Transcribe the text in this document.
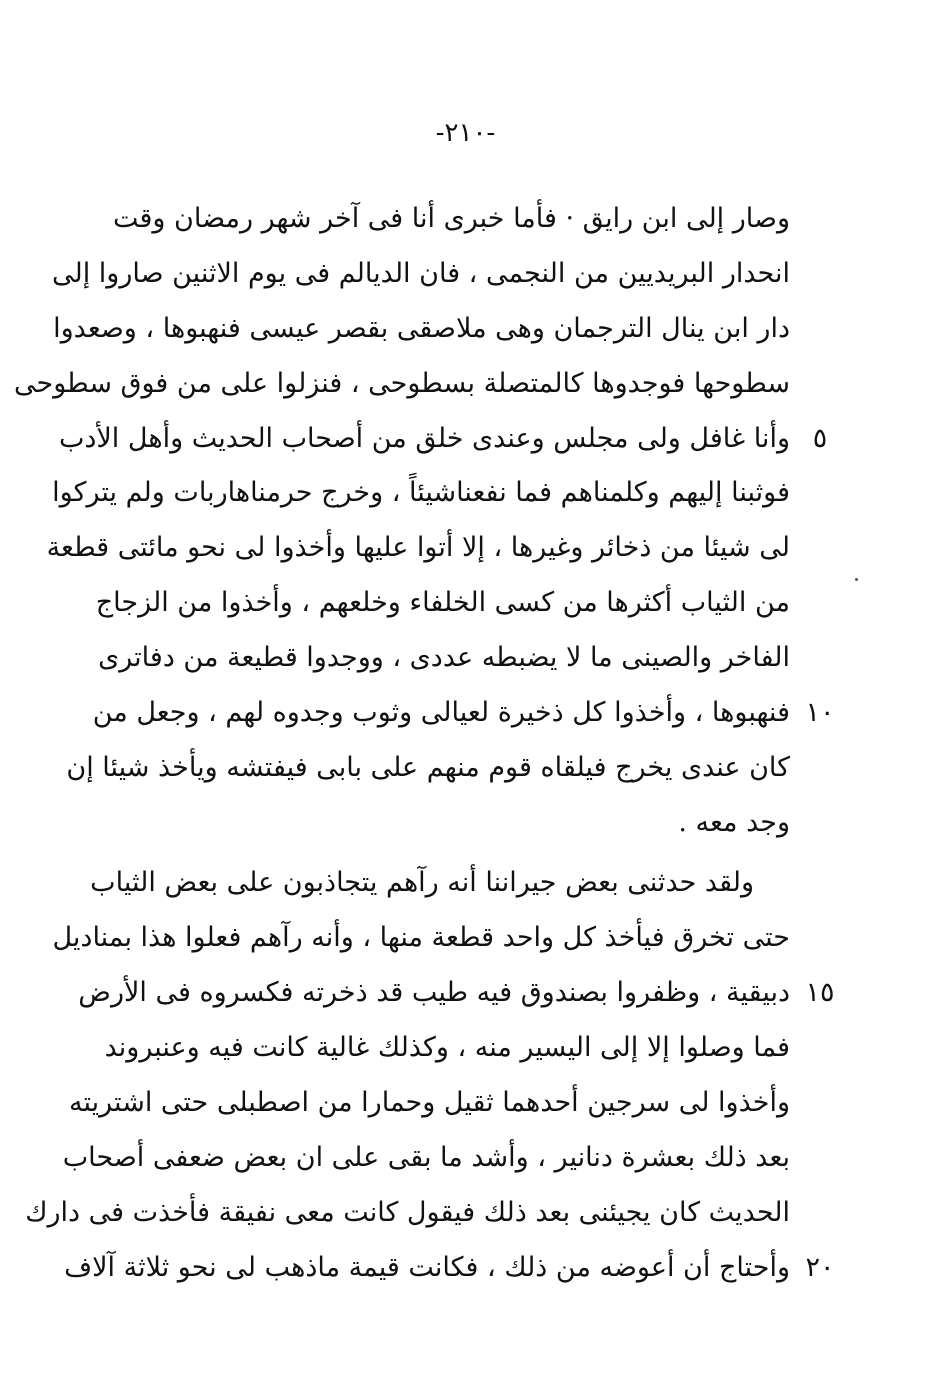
-٢١٠-
وصار إلى ابن رايق · فأما خبرى أنا فى آخر شهر رمضان وقت
انحدار البريديين من النجمى ، فان الديالم فى يوم الاثنين صاروا إلى
دار ابن ينال الترجمان وهى ملاصقى بقصر عيسى فنهبوها ، وصعدوا
سطوحها فوجدوها كالمتصلة بسطوحى ، فنزلوا على من فوق سطوحى
وأنا غافل ولى مجلس وعندى خلق من أصحاب الحديث وأهل الأدب
فوثبنا إليهم وكلمناهم فما نفعناشيئاً ، وخرج حرمناهاربات ولم يتركوا
لى شيئا من ذخائر وغيرها ، إلا أتوا عليها وأخذوا لى نحو مائتى قطعة
من الثياب أكثرها من كسى الخلفاء وخلعهم ، وأخذوا من الزجاج
الفاخر والصينى ما لا يضبطه عددى ، ووجدوا قطيعة من دفاترى
فنهبوها ، وأخذوا كل ذخيرة لعيالى وثوب وجدوه لهم ، وجعل من
كان عندى يخرج فيلقاه قوم منهم على بابى فيفتشه ويأخذ شيئا إن
وجد معه .
ولقد حدثنى بعض جيراننا أنه رآهم يتجاذبون على بعض الثياب
حتى تخرق فيأخذ كل واحد قطعة منها ، وأنه رآهم فعلوا هذا بمناديل
دبيقية ، وظفروا بصندوق فيه طيب قد ذخرته فكسروه فى الأرض
فما وصلوا إلا إلى اليسير منه ، وكذلك غالية كانت فيه وعنبروند
وأخذوا لى سرجين أحدهما ثقيل وحمارا من اصطبلى حتى اشتريته
بعد ذلك بعشرة دنانير ، وأشد ما بقى على ان بعض ضعفى أصحاب
الحديث كان يجيئنى بعد ذلك فيقول كانت معى نفيقة فأخذت فى دارك
وأحتاج أن أعوضه من ذلك ، فكانت قيمة ماذهب لى نحو ثلاثة آلاف
٥
١٠
١٥
٢٠
